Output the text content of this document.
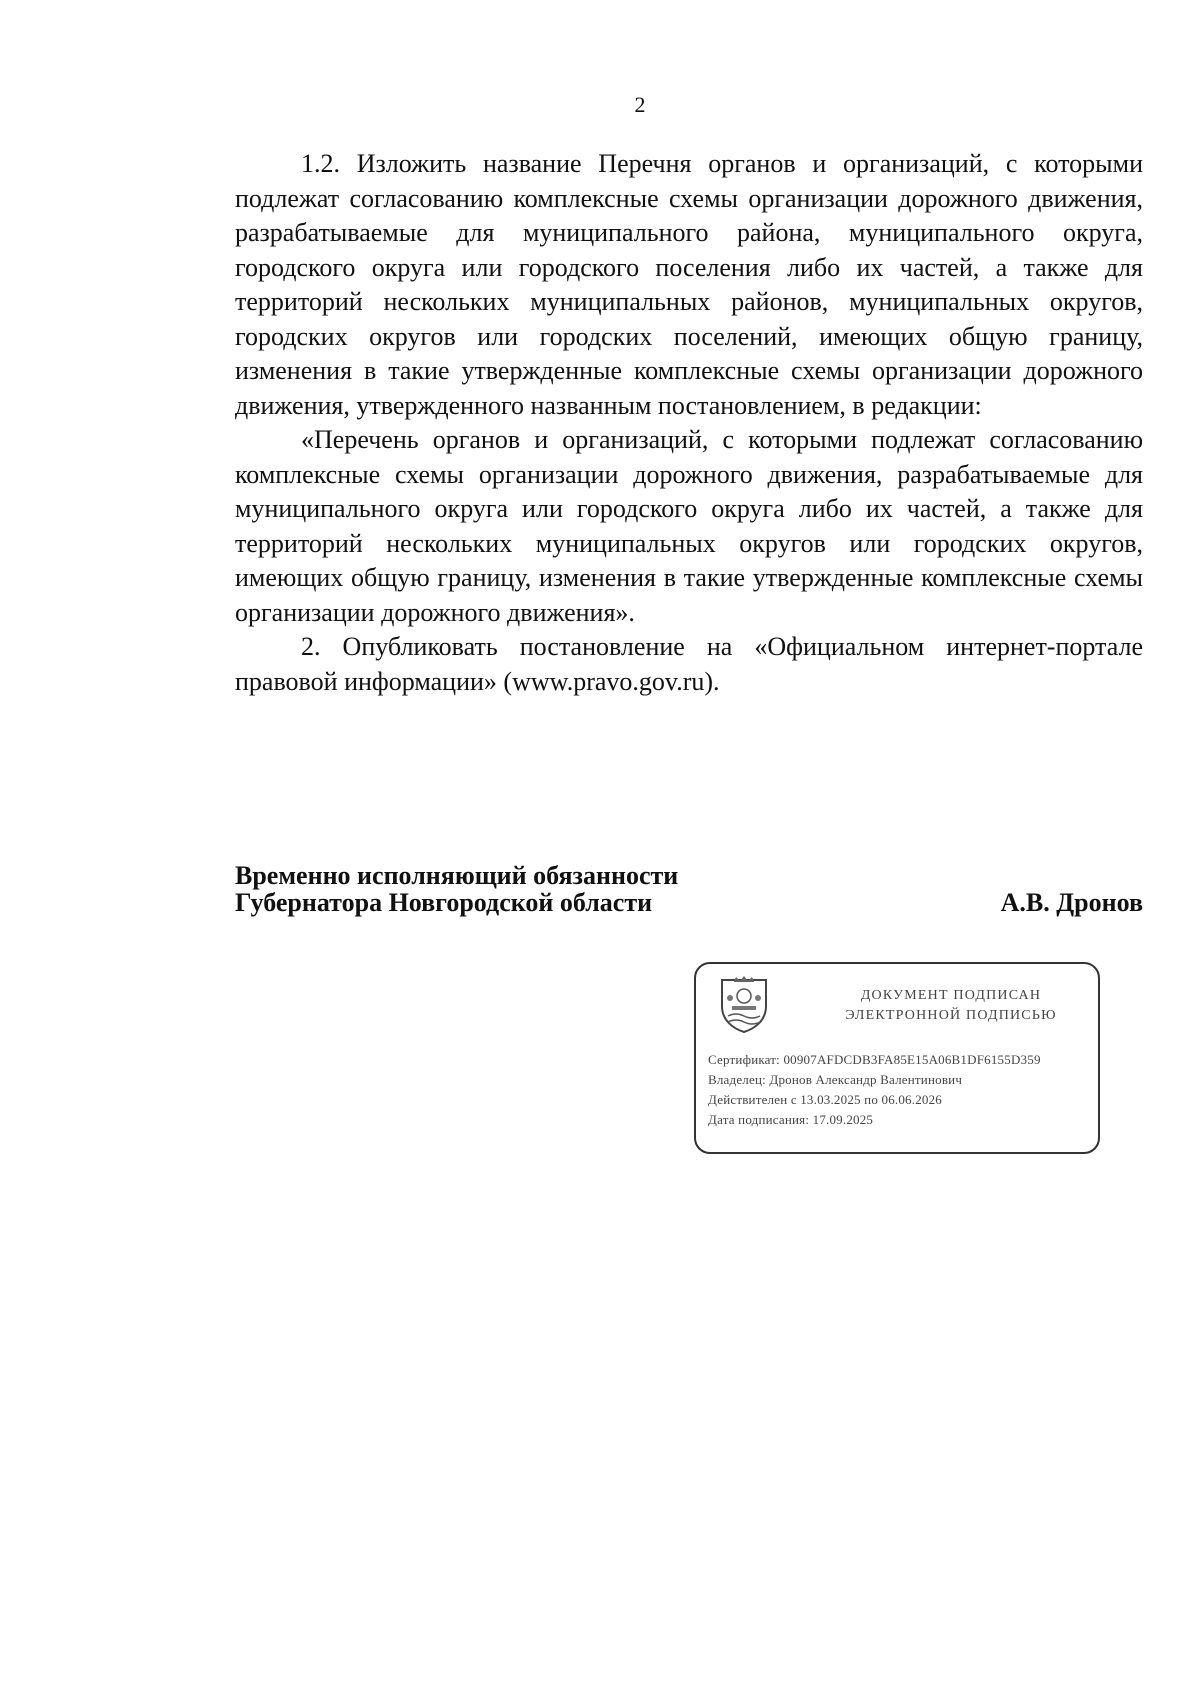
2

1.2. Изложить название Перечня органов и организаций, с которыми подлежат согласованию комплексные схемы организации дорожного движения, разрабатываемые для муниципального района, муниципального округа, городского округа или городского поселения либо их частей, а также для территорий нескольких муниципальных районов, муниципальных округов, городских округов или городских поселений, имеющих общую границу, изменения в такие утвержденные комплексные схемы организации дорожного движения, утвержденного названным постановлением, в редакции:

«Перечень органов и организаций, с которыми подлежат согласованию комплексные схемы организации дорожного движения, разрабатываемые для муниципального округа или городского округа либо их частей, а также для территорий нескольких муниципальных округов или городских округов, имеющих общую границу, изменения в такие утвержденные комплексные схемы организации дорожного движения».

2. Опубликовать постановление на «Официальном интернет-портале правовой информации» (www.pravo.gov.ru).

Временно исполняющий обязанности
Губернатора Новгородской области	А.В. Дронов
ДОКУМЕНТ ПОДПИСАН
ЭЛЕКТРОННОЙ ПОДПИСЬЮ
Сертификат: 00907AFDCDB3FA85E15A06B1DF6155D359
Владелец: Дронов Александр Валентинович
Действителен с 13.03.2025 по 06.06.2026
Дата подписания: 17.09.2025
